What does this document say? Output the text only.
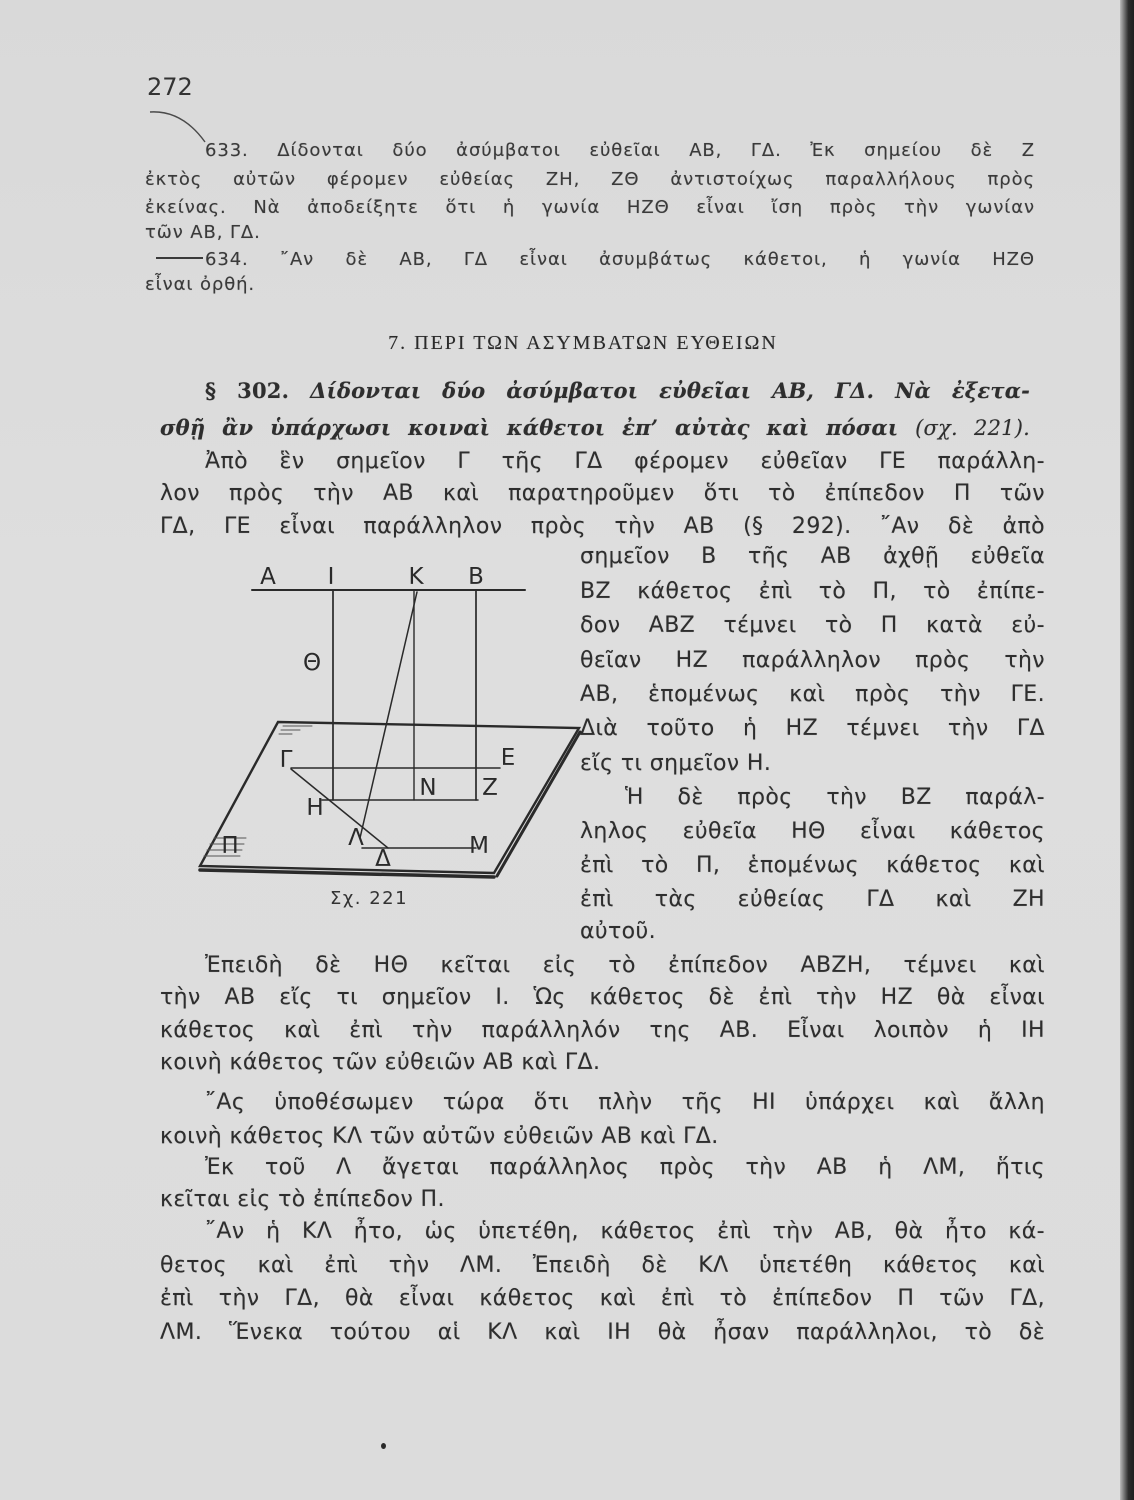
272
633. Δίδονται δύο ἀσύμβατοι εὐθεῖαι ΑΒ, ΓΔ. Ἐκ σημείου δὲ Ζ
ἐκτὸς αὐτῶν φέρομεν εὐθείας ΖΗ, ΖΘ ἀντιστοίχως παραλλήλους πρὸς
ἐκείνας. Νὰ ἀποδείξητε ὅτι ἡ γωνία ΗΖΘ εἶναι ἴση πρὸς τὴν γωνίαν
τῶν ΑΒ, ΓΔ.
634. ῎Αν δὲ ΑΒ, ΓΔ εἶναι ἀσυμβάτως κάθετοι, ἡ γωνία ΗΖΘ
εἶναι ὀρθή.
7. ΠΕΡΙ ΤΩΝ ΑΣΥΜΒΑΤΩΝ ΕΥΘΕΙΩΝ
§ 302. Δίδονται δύο ἀσύμβατοι εὐθεῖαι ΑΒ, ΓΔ. Νὰ ἐξετα-
σθῇ ἂν ὑπάρχωσι κοιναὶ κάθετοι ἐπ’ αὐτὰς καὶ πόσαι (σχ. 221).
Ἀπὸ ἓν σημεῖον Γ τῆς ΓΔ φέρομεν εὐθεῖαν ΓΕ παράλλη-
λον πρὸς τὴν ΑΒ καὶ παρατηροῦμεν ὅτι τὸ ἐπίπεδον Π τῶν
ΓΔ, ΓΕ εἶναι παράλληλον πρὸς τὴν ΑΒ (§ 292). ῎Αν δὲ ἀπὸ
σημεῖον Β τῆς ΑΒ ἀχθῇ εὐθεῖα
ΒΖ κάθετος ἐπὶ τὸ Π, τὸ ἐπίπε-
δον ΑΒΖ τέμνει τὸ Π κατὰ εὐ-
θεῖαν ΗΖ παράλληλον πρὸς τὴν
ΑΒ, ἑπομένως καὶ πρὸς τὴν ΓΕ.
Διὰ τοῦτο ἡ ΗΖ τέμνει τὴν ΓΔ
εἴς τι σημεῖον Η.
Ἡ δὲ πρὸς τὴν ΒΖ παράλ-
ληλος εὐθεῖα ΗΘ εἶναι κάθετος
ἐπὶ τὸ Π, ἑπομένως κάθετος καὶ
ἐπὶ τὰς εὐθείας ΓΔ καὶ ΖΗ
αὐτοῦ.
Α Ι	Κ Β
Θ
Γ	Ε
Η
Ν Ζ
Π	Λ
Δ	Μ
Σχ. 221
Ἐπειδὴ δὲ ΗΘ κεῖται εἰς τὸ ἐπίπεδον ΑΒΖΗ, τέμνει καὶ
τὴν ΑΒ εἴς τι σημεῖον Ι. Ὡς κάθετος δὲ ἐπὶ τὴν ΗΖ θὰ εἶναι
κάθετος καὶ ἐπὶ τὴν παράλληλόν της ΑΒ. Εἶναι λοιπὸν ἡ ΙΗ
κοινὴ κάθετος τῶν εὐθειῶν ΑΒ καὶ ΓΔ.
῎Ας ὑποθέσωμεν τώρα ὅτι πλὴν τῆς ΗΙ ὑπάρχει καὶ ἄλλη
κοινὴ κάθετος ΚΛ τῶν αὐτῶν εὐθειῶν ΑΒ καὶ ΓΔ.
Ἐκ τοῦ Λ ἄγεται παράλληλος πρὸς τὴν ΑΒ ἡ ΛΜ, ἥτις
κεῖται εἰς τὸ ἐπίπεδον Π.
῎Αν ἡ ΚΛ ἦτο, ὡς ὑπετέθη, κάθετος ἐπὶ τὴν ΑΒ, θὰ ἦτο κά-
θετος καὶ ἐπὶ τὴν ΛΜ. Ἐπειδὴ δὲ ΚΛ ὑπετέθη κάθετος καὶ
ἐπὶ τὴν ΓΔ, θὰ εἶναι κάθετος καὶ ἐπὶ τὸ ἐπίπεδον Π τῶν ΓΔ,
ΛΜ. Ἕνεκα τούτου αἱ ΚΛ καὶ ΙΗ θὰ ἦσαν παράλληλοι, τὸ δὲ
